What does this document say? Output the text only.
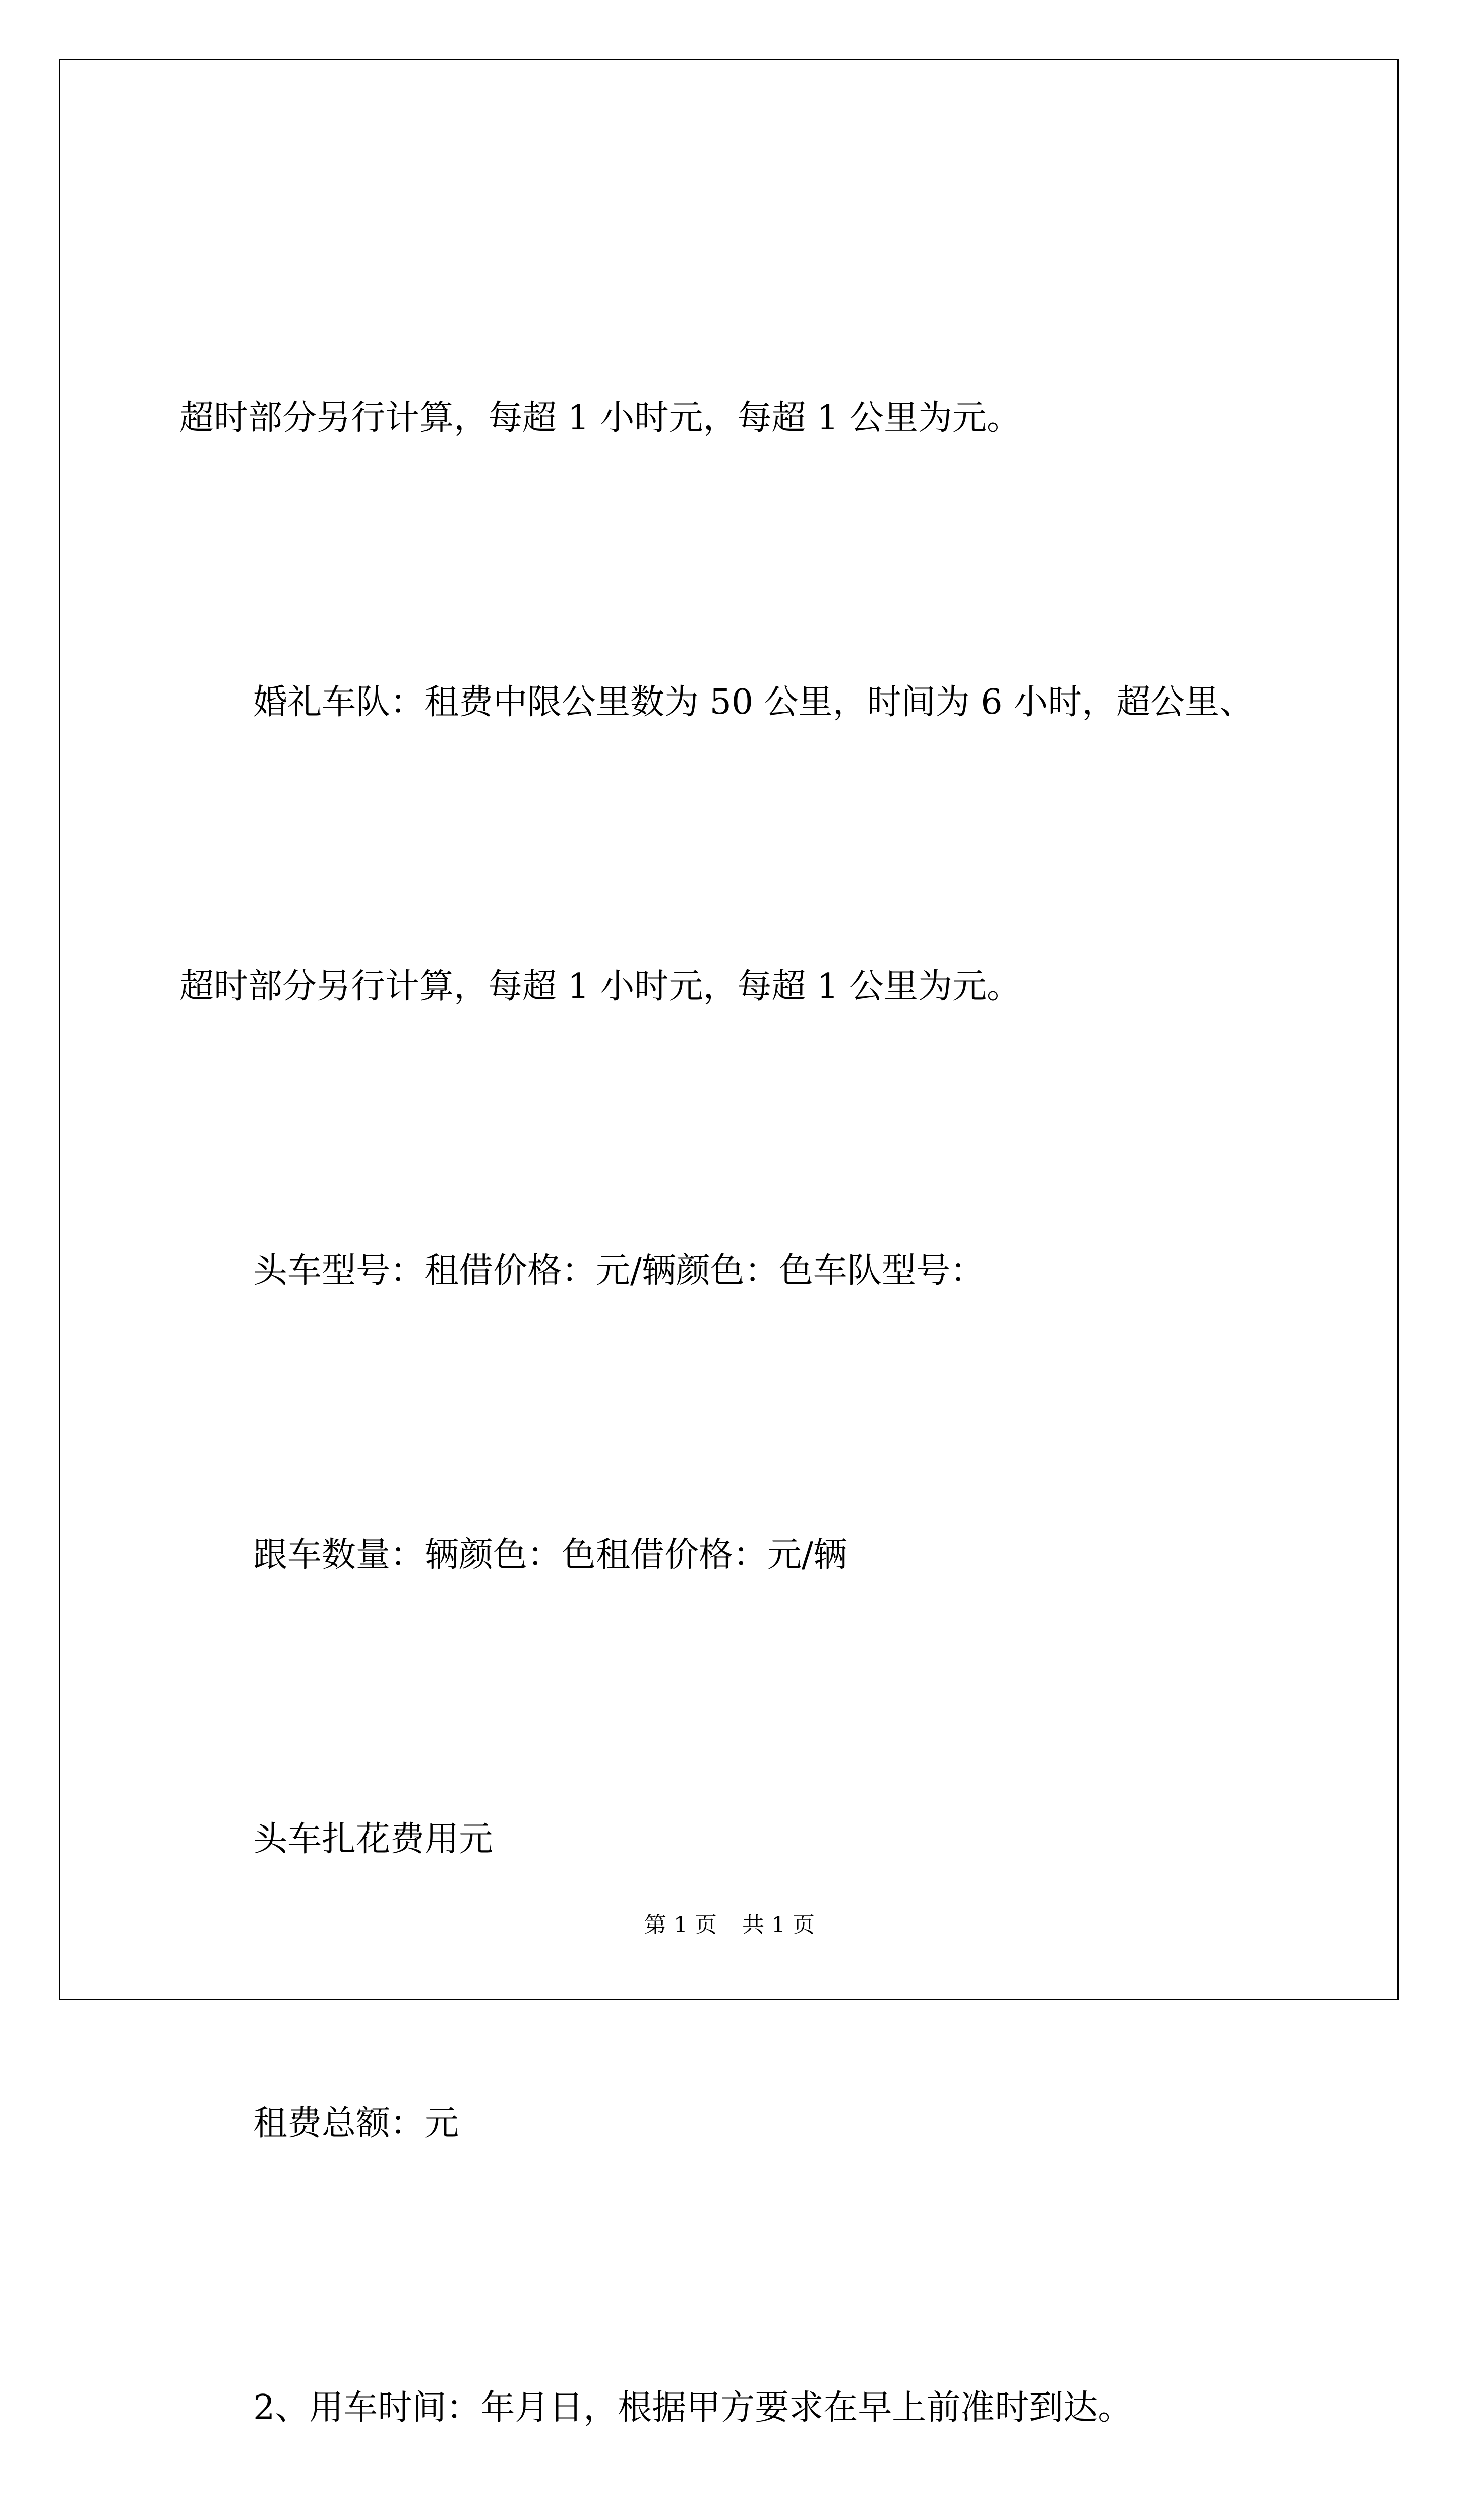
超时部分另行计算，每超 1 小时元，每超 1 公里为元。

婚礼车队：租费中限公里数为 50 公里，时间为 6 小时，超公里、

超时部分另行计算，每超 1 小时元，每超 1 公里为元。

头车型号：租借价格：元/辆颜色：色车队型号：

跟车数量：辆颜色：色租借价格：元/辆

头车扎花费用元

租费总额：元

2、用车时间：年月日，根据甲方要求在早上前准时到达。

第 1 页 共 1 页
